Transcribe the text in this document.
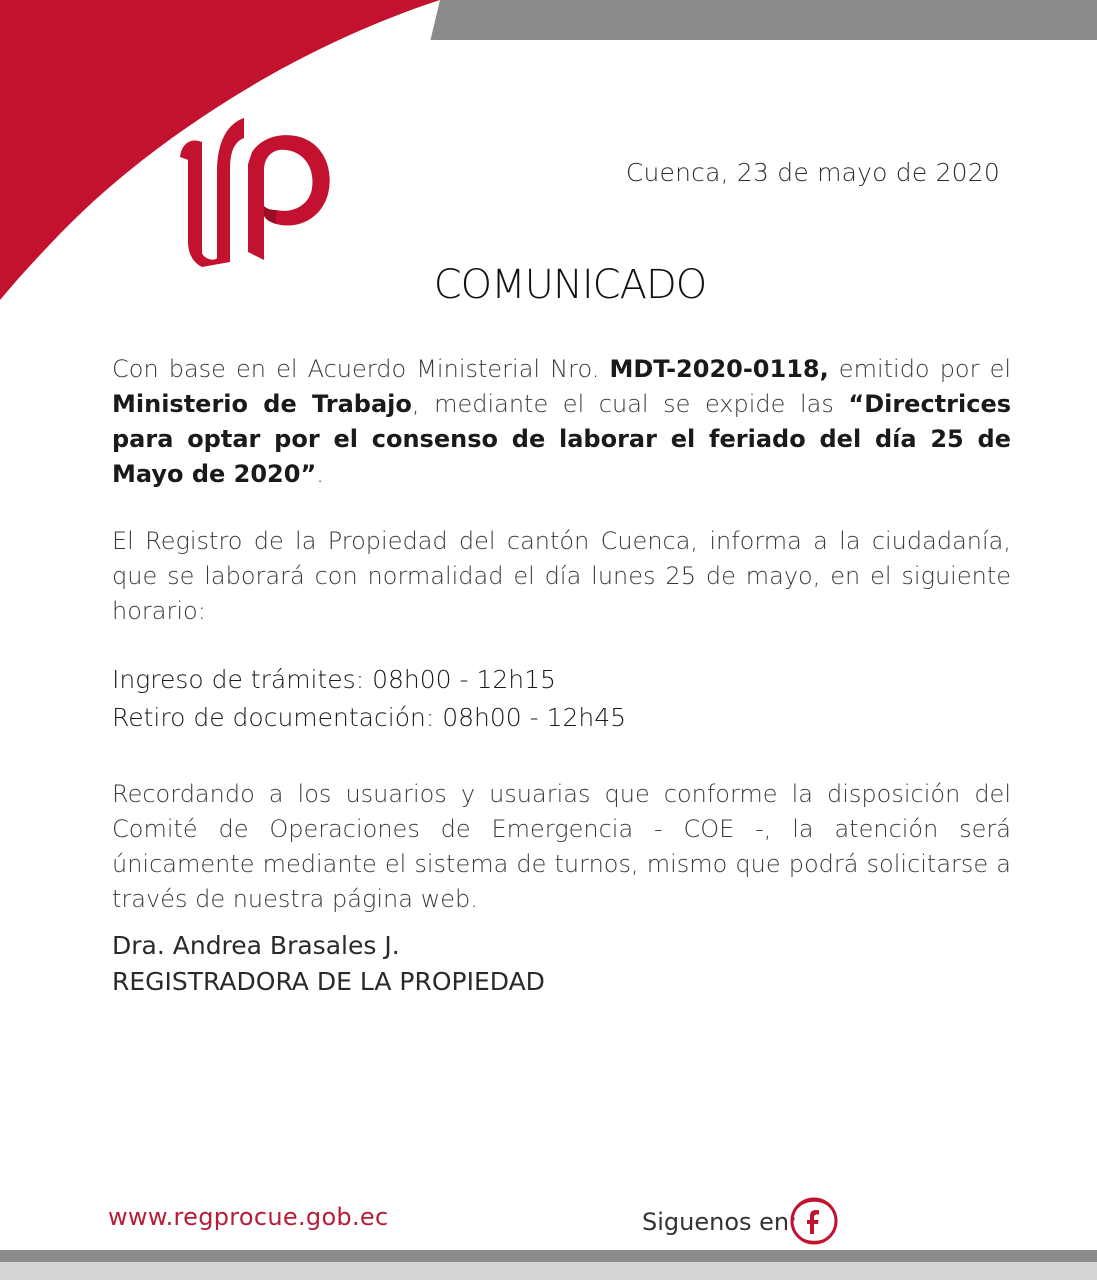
Cuenca, 23 de mayo de 2020
COMUNICADO

Con base en el Acuerdo Ministerial Nro. MDT-2020-0118, emitido por el Ministerio de Trabajo, mediante el cual se expide las “Directrices para optar por el consenso de laborar el feriado del día 25 de Mayo de 2020”.

El Registro de la Propiedad del cantón Cuenca, informa a la ciudadanía, que se laborará con normalidad el día lunes 25 de mayo, en el siguiente horario:

Ingreso de trámites: 08h00 - 12h15
Retiro de documentación: 08h00 - 12h45

Recordando a los usuarios y usuarias que conforme la disposición del Comité de Operaciones de Emergencia - COE -, la atención será únicamente mediante el sistema de turnos, mismo que podrá solicitarse a través de nuestra página web.

Dra. Andrea Brasales J.
REGISTRADORA DE LA PROPIEDAD
www.regprocue.gob.ec	Siguenos en:
